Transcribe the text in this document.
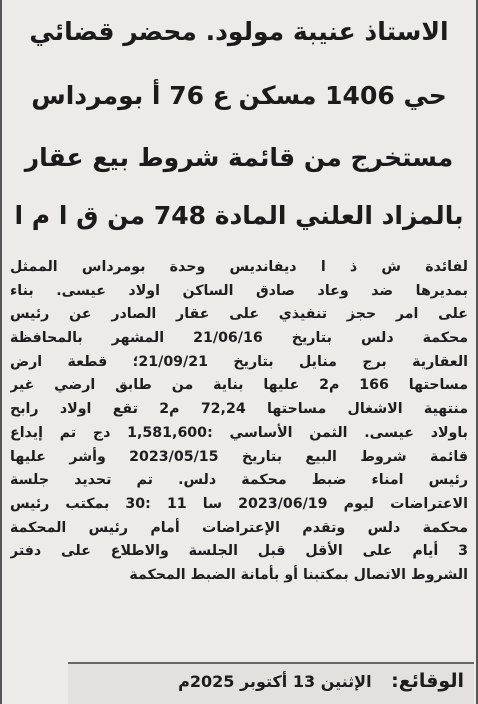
الاستاذ عنيبة مولود. محضر قضائي
حي 1406 مسكن ع 76 أ بومرداس
مستخرج من قائمة شروط بيع عقار
بالمزاد العلني المادة 748 من ق ا م ا
لفائدة ش ذ ا ديفانديس وحدة بومرداس الممثل
بمديرها ضد وعاد صادق الساكن اولاد عيسى. بناء
على امر حجز تنفيذي على عقار الصادر عن رئيس
محكمة دلس بتاريخ 21/06/16 المشهر بالمحافظة
العقارية برج منايل بتاريخ 21/09/21؛ قطعة ارض
مساحتها 166 م2 عليها بناية من طابق ارضي غير
منتهية الاشغال مساحتها 72,24 م2 تقع اولاد رابح
باولاد عيسى. الثمن الأساسي :1,581,600 دج تم إيداع
قائمة شروط البيع بتاريخ 2023/05/15 وأشر عليها
رئيس امناء ضبط محكمة دلس. تم تحديد جلسة
الاعتراضات ليوم 2023/06/19 سا 11 :30 بمكتب رئيس
محكمة دلس وتقدم الإعتراضات أمام رئيس المحكمة
3 أيام على الأقل قبل الجلسة والاطلاع على دفتر
الشروط الاتصال بمكتبنا أو بأمانة الضبط المحكمة
الوقائع: الإثنين 13 أكتوبر 2025م
